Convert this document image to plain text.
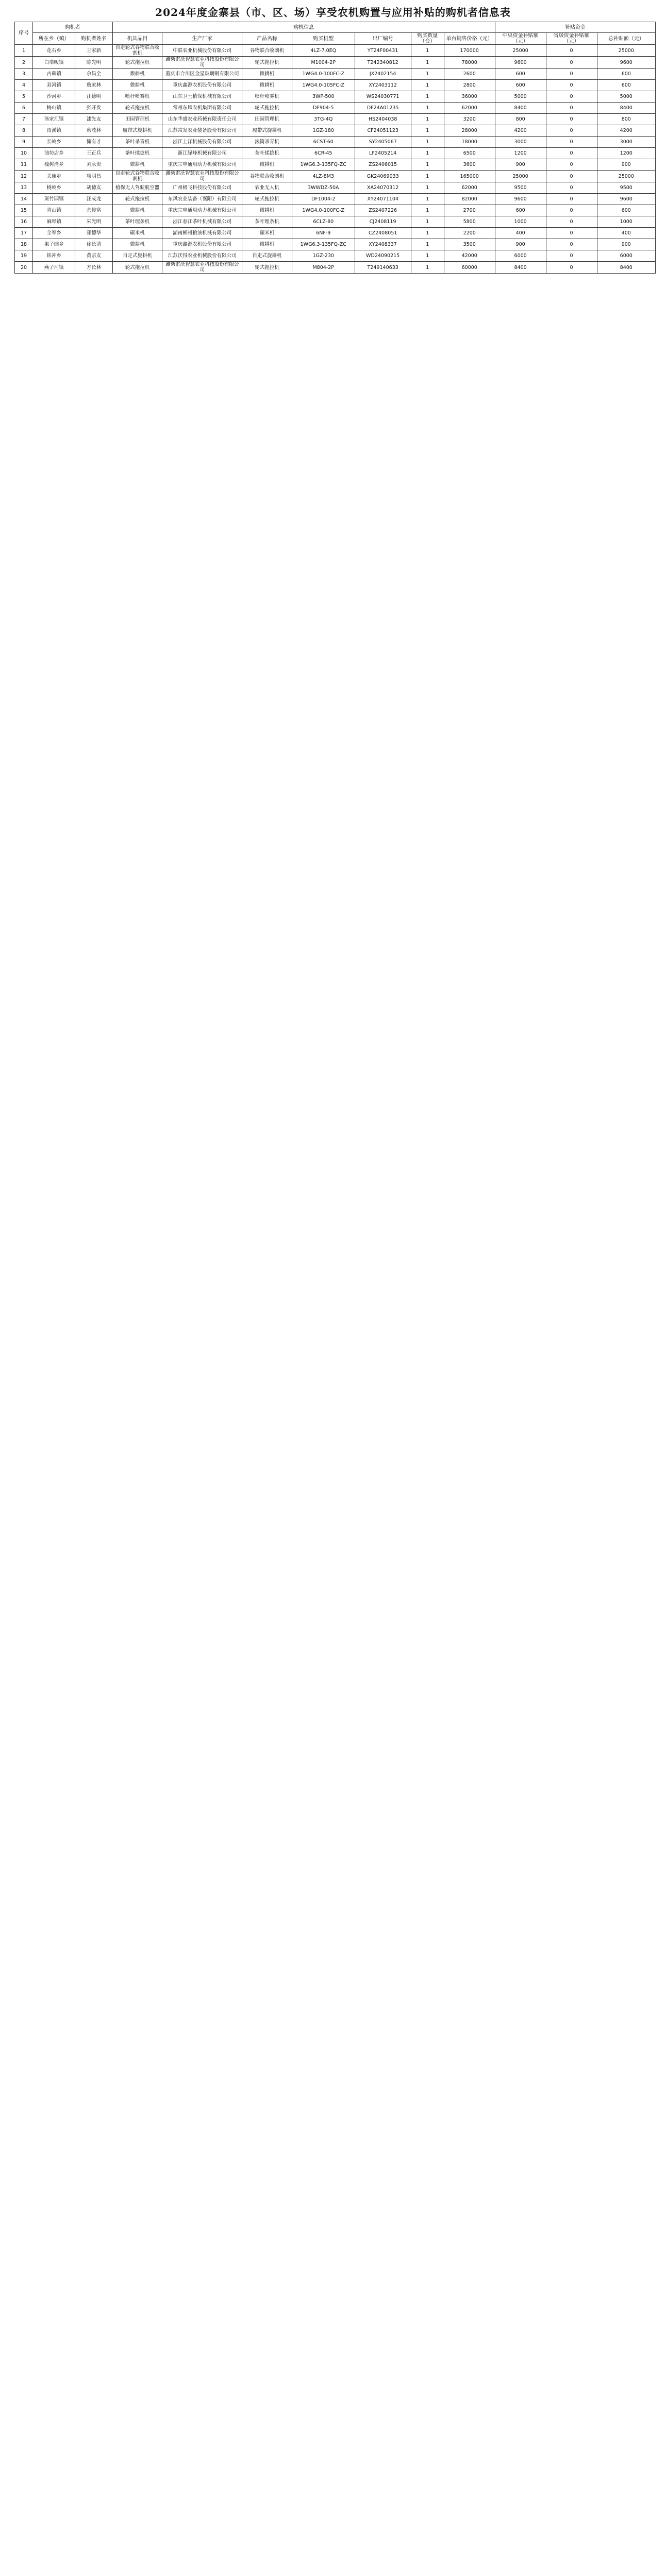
2024年度金寨县（市、区、场）享受农机购置与应用补贴的购机者信息表
序号	购机者		购机信息							补贴资金		
	所在乡（镇）	购机者姓名	机具品目	生产厂家	产品名称	购买机型	出厂编号	购买数量（台）	单台销售价格（元）	中央资金补贴额（元）	省级资金补贴额（元）	总补贴额（元）
1	花石乡	王家新	自走轮式谷物联合收割机	中联农业机械股份有限公司	谷物联合收割机	4LZ-7.0EQ	YT24F00431	1	170000	25000	0	25000
2	白塔畈镇	陈先明	轮式拖拉机	潍柴雷沃智慧农业科技股份有限公司	轮式拖拉机	M1004-2P	T242340812	1	78000	9600	0	9600
3	古碑镇	余昌全	微耕机	重庆市合川区金星玻璃钢有限公司	微耕机	1WG4.0-100FC-Z	JX2402154	1	2600	600	0	600
4	双河镇	詹家林	微耕机	重庆鑫源农机股份有限公司	微耕机	1WG4.0-105FC-Z	XY2403112	1	2800	600	0	600
5	沙河乡	汪德明	喷杆喷雾机	山东卫士植保机械有限公司	喷杆喷雾机	3WP-500	WS24030771	1	36000	5000	0	5000
6	梅山镇	张开发	轮式拖拉机	常州东风农机集团有限公司	轮式拖拉机	DF904-5	DF24A01235	1	62000	8400	0	8400
7	汤家汇镇	漆先友	田园管理机	山东华盛农业药械有限责任公司	田园管理机	3TG-4Q	HS2404038	1	3200	800	0	800
8	南溪镇	蔡茂林	履带式旋耕机	江苏常发农业装备股份有限公司	履带式旋耕机	1GZ-180	CF24051123	1	28000	4200	0	4200
9	长岭乡	储有才	茶叶杀青机	浙江上洋机械股份有限公司	滚筒杀青机	6CST-60	SY2405067	1	18000	3000	0	3000
10	油坊店乡	王正兵	茶叶揉捻机	浙江绿峰机械有限公司	茶叶揉捻机	6CR-45	LF2405214	1	6500	1200	0	1200
11	槐树湾乡	刘永贵	微耕机	重庆宗申通用动力机械有限公司	微耕机	1WG6.3-135FQ-ZC	ZS2406015	1	3600	900	0	900
12	关庙乡	项明昌	自走轮式谷物联合收割机	潍柴雷沃智慧农业科技股份有限公司	谷物联合收割机	4LZ-8M3	GK24069033	1	165000	25000	0	25000
13	桃岭乡	胡德友	植保无人驾驶航空器	广州极飞科技股份有限公司	农业无人机	3WWDZ-50A	XA24070312	1	62000	9500	0	9500
14	斑竹园镇	汪成龙	轮式拖拉机	东风农业装备（襄阳）有限公司	轮式拖拉机	DF1004-2	XY24071104	1	82000	9600	0	9600
15	青山镇	余传富	微耕机	重庆宗申通用动力机械有限公司	微耕机	1WG4.0-100FC-Z	ZS2407226	1	2700	600	0	600
16	麻埠镇	朱光明	茶叶理条机	浙江春江茶叶机械有限公司	茶叶理条机	6CLZ-80	CJ2408119	1	5800	1000	0	1000
17	全军乡	郑德华	碾米机	湖南郴州粮油机械有限公司	碾米机	6NF-9	CZ2408051	1	2200	400	0	400
18	果子园乡	徐长清	微耕机	重庆鑫源农机股份有限公司	微耕机	1WG6.3-135FQ-ZC	XY2408337	1	3500	900	0	900
19	铁冲乡	黄宗友	自走式旋耕机	江苏沃得农业机械股份有限公司	自走式旋耕机	1GZ-230	WD24090215	1	42000	6000	0	6000
20	燕子河镇	方长林	轮式拖拉机	潍柴雷沃智慧农业科技股份有限公司	轮式拖拉机	M804-2P	T249140633	1	60000	8400	0	8400
